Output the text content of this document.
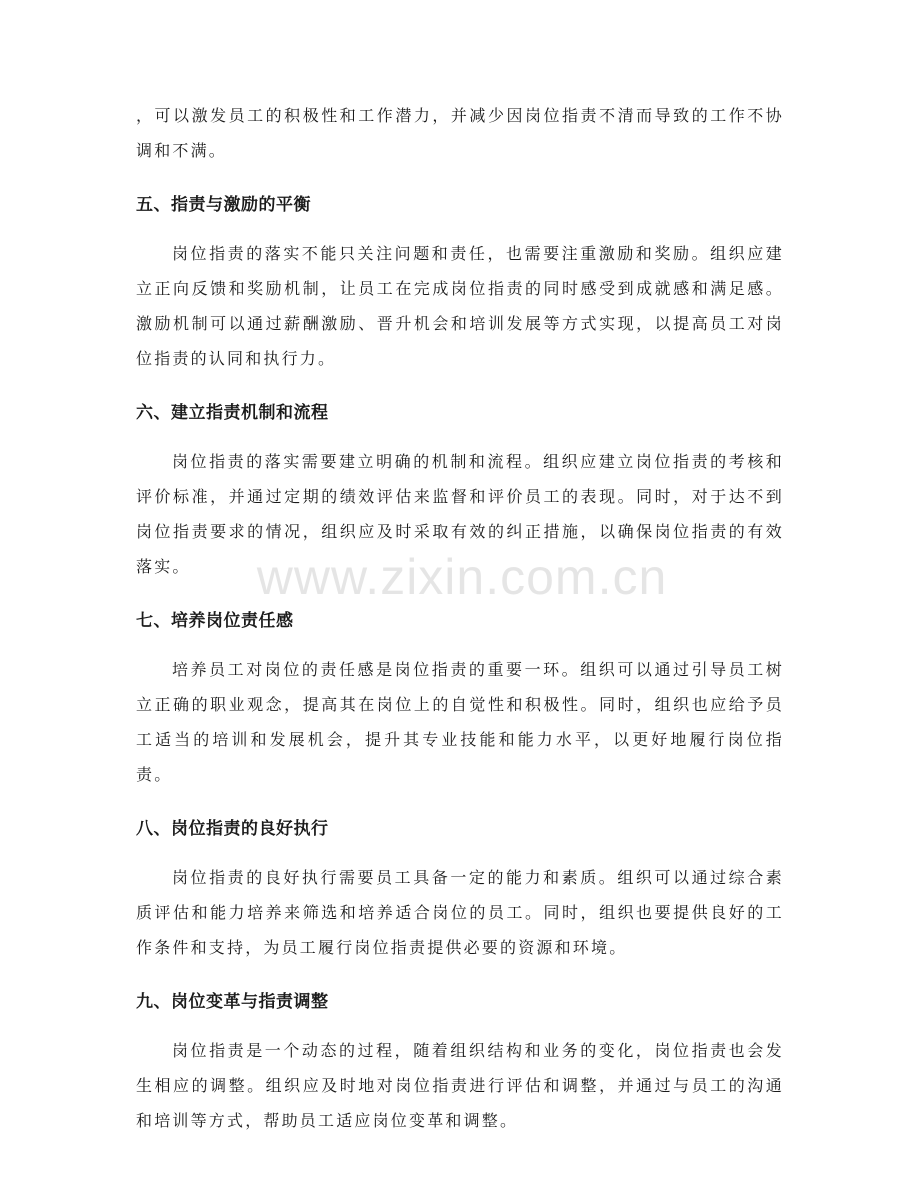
，可以激发员工的积极性和工作潜力，并减少因岗位指责不清而导致的工作不协调和不满。

五、指责与激励的平衡

岗位指责的落实不能只关注问题和责任，也需要注重激励和奖励。组织应建立正向反馈和奖励机制，让员工在完成岗位指责的同时感受到成就感和满足感。激励机制可以通过薪酬激励、晋升机会和培训发展等方式实现，以提高员工对岗位指责的认同和执行力。

六、建立指责机制和流程

岗位指责的落实需要建立明确的机制和流程。组织应建立岗位指责的考核和评价标准，并通过定期的绩效评估来监督和评价员工的表现。同时，对于达不到岗位指责要求的情况，组织应及时采取有效的纠正措施，以确保岗位指责的有效落实。

七、培养岗位责任感

培养员工对岗位的责任感是岗位指责的重要一环。组织可以通过引导员工树立正确的职业观念，提高其在岗位上的自觉性和积极性。同时，组织也应给予员工适当的培训和发展机会，提升其专业技能和能力水平，以更好地履行岗位指责。

八、岗位指责的良好执行

岗位指责的良好执行需要员工具备一定的能力和素质。组织可以通过综合素质评估和能力培养来筛选和培养适合岗位的员工。同时，组织也要提供良好的工作条件和支持，为员工履行岗位指责提供必要的资源和环境。

九、岗位变革与指责调整

岗位指责是一个动态的过程，随着组织结构和业务的变化，岗位指责也会发生相应的调整。组织应及时地对岗位指责进行评估和调整，并通过与员工的沟通和培训等方式，帮助员工适应岗位变革和调整。

www.zixin.com.cn
